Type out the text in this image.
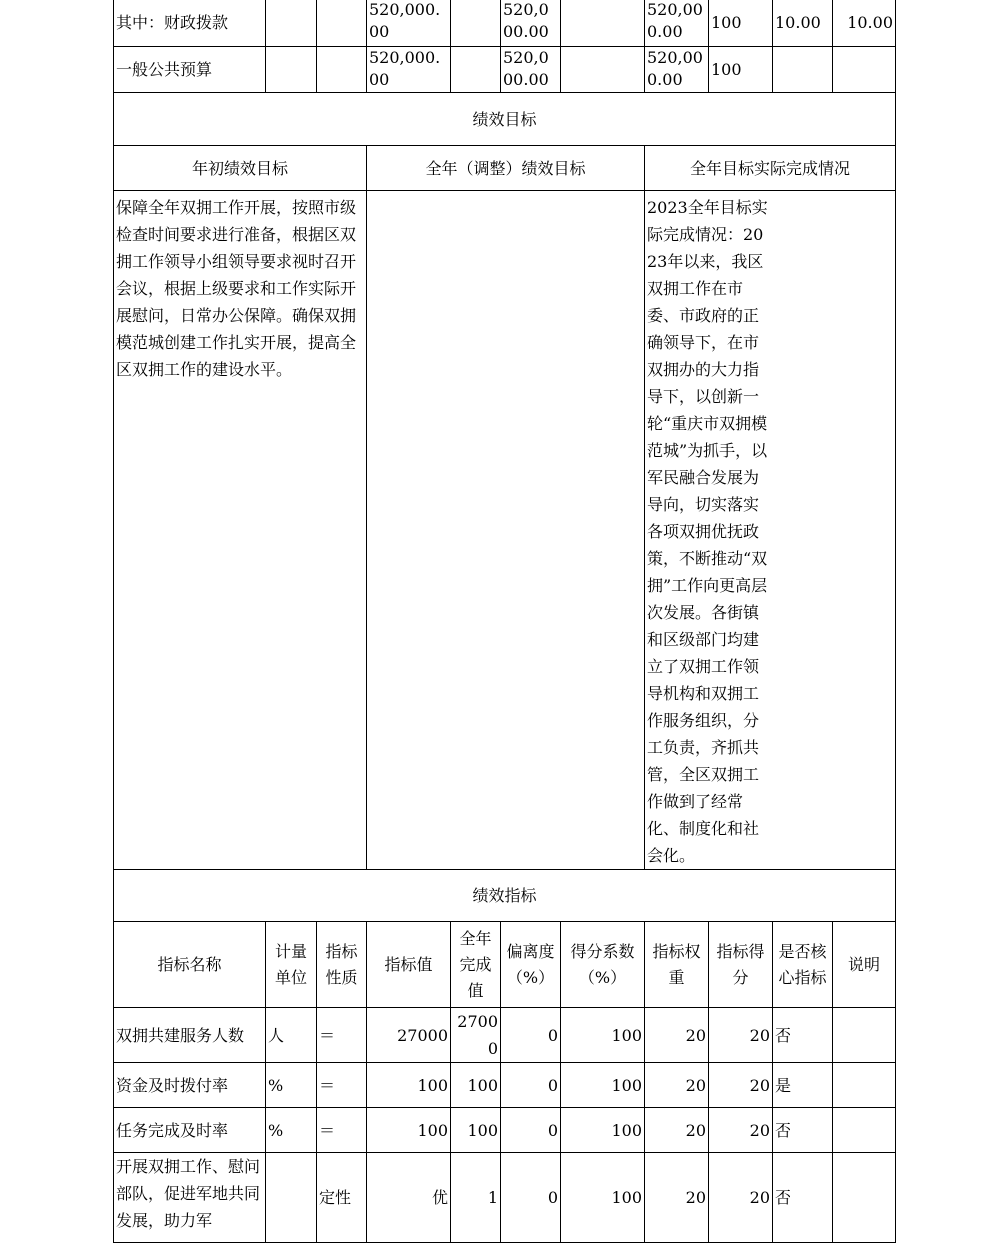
其中：财政拨款			520,000.00		520,000.00		520,000.00	100	10.00	10.00
一般公共预算			520,000.00		520,000.00		520,000.00	100		
绩效目标										
年初绩效目标			全年（调整）绩效目标				全年目标实际完成情况			
保障全年双拥工作开展，按照市级检查时间要求进行准备，根据区双拥工作领导小组领导要求视时召开会议，根据上级要求和工作实际开展慰问，日常办公保障。确保双拥模范城创建工作扎实开展，提高全区双拥工作的建设水平。							2023全年目标实际完成情况：2023年以来，我区双拥工作在市委、市政府的正确领导下，在市双拥办的大力指导下，以创新一轮“重庆市双拥模范城”为抓手，以军民融合发展为导向，切实落实各项双拥优抚政策，不断推动“双拥”工作向更高层次发展。各街镇和区级部门均建立了双拥工作领导机构和双拥工作服务组织，分工负责，齐抓共管，全区双拥工作做到了经常化、制度化和社会化。			
绩效指标										
指标名称	计量单位	指标性质	指标值	全年完成值	偏离度（%）	得分系数（%）	指标权重	指标得分	是否核心指标	说明
双拥共建服务人数	人	＝	27000	27000	0	100	20	20	否	
资金及时拨付率	%	＝	100	100	0	100	20	20	是	
任务完成及时率	%	＝	100	100	0	100	20	20	否	
开展双拥工作、慰问部队，促进军地共同发展，助力军		定性	优	1	0	100	20	20	否	
